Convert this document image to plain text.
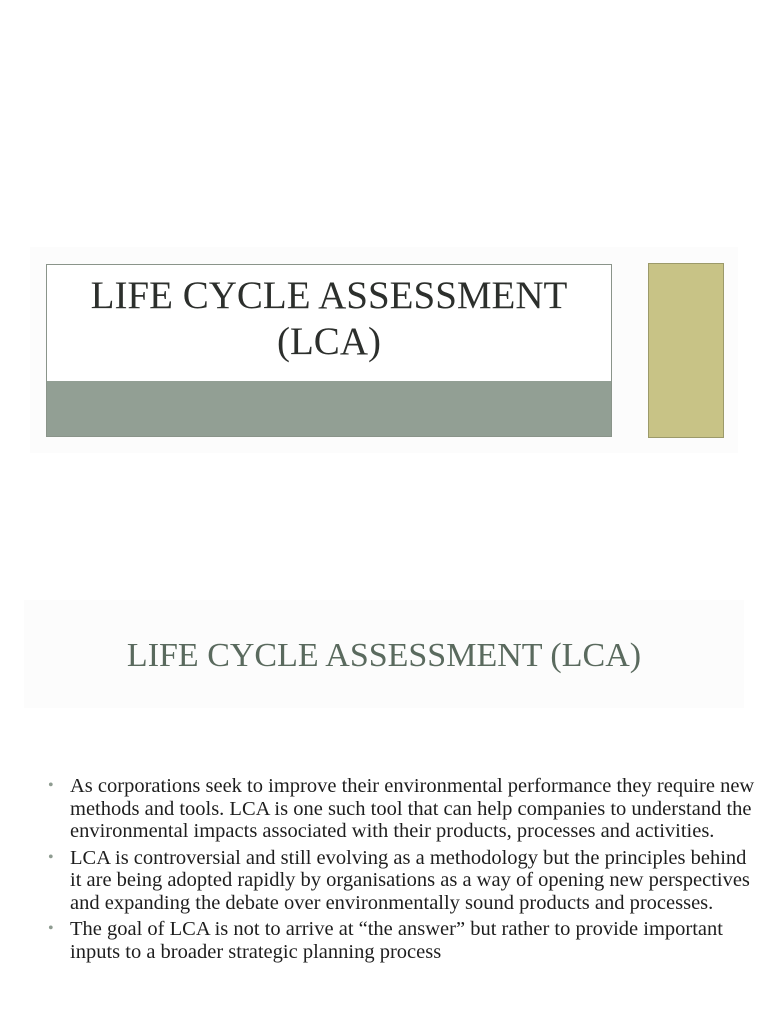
LIFE CYCLE ASSESSMENT
(LCA)
LIFE CYCLE ASSESSMENT (LCA)
• As corporations seek to improve their environmental performance they require new methods and tools. LCA is one such tool that can help companies to understand the environmental impacts associated with their products, processes and activities.
• LCA is controversial and still evolving as a methodology but the principles behind it are being adopted rapidly by organisations as a way of opening new perspectives and expanding the debate over environmentally sound products and processes.
• The goal of LCA is not to arrive at “the answer” but rather to provide important inputs to a broader strategic planning process
